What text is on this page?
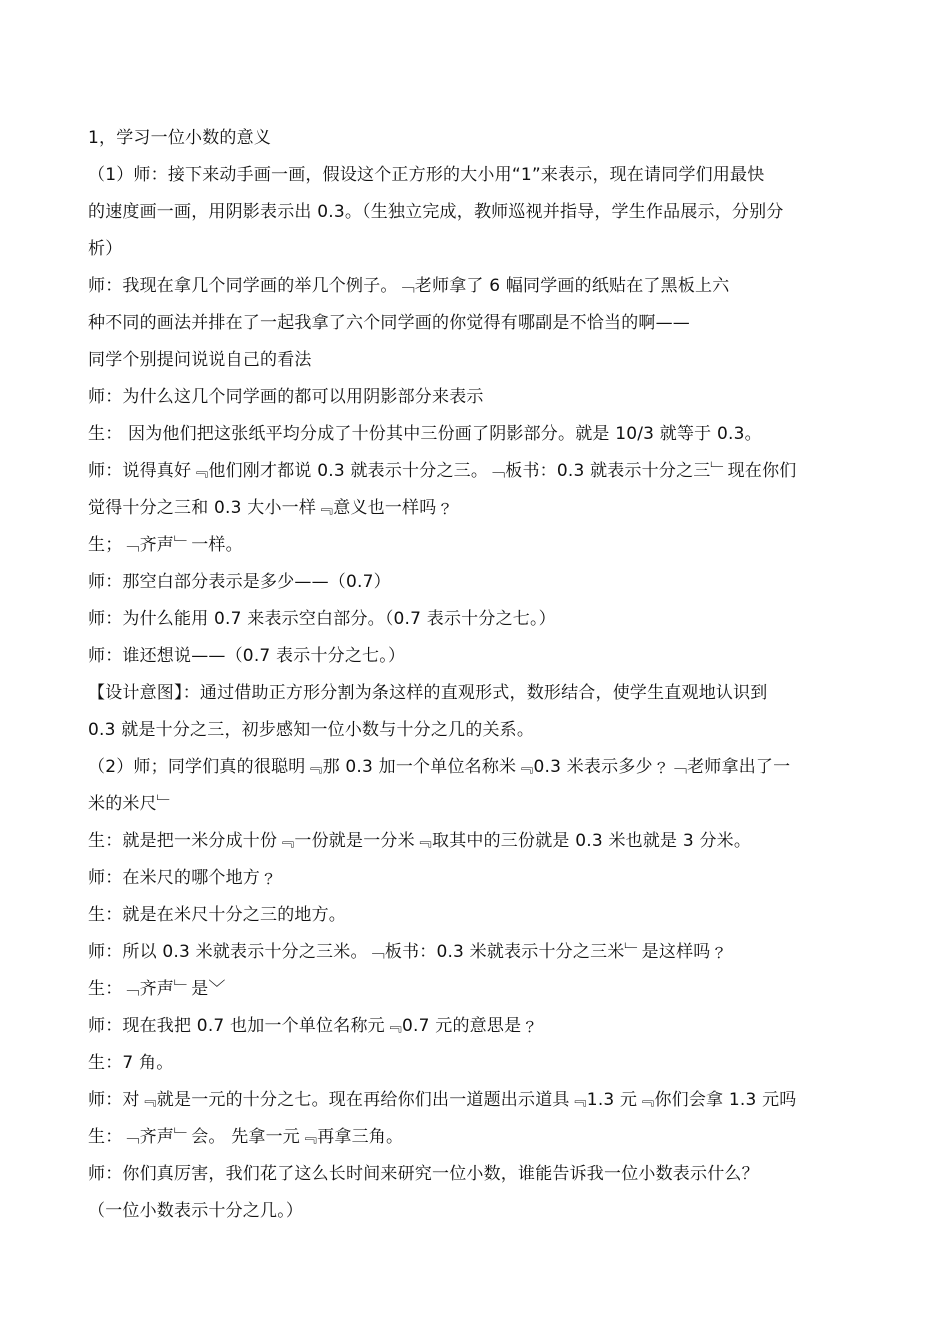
1，学习一位小数的意义
（1）师：接下来动手画一画，假设这个正方形的大小用“1”来表示，现在请同学们用最快
的速度画一画，用阴影表示出 0.3。（生独立完成，教师巡视并指导，学生作品展示，分别分
析）
师：我现在拿几个同学画的举几个例子。﹁老师拿了 6 幅同学画的纸贴在了黑板上六
种不同的画法并排在了一起我拿了六个同学画的你觉得有哪副是不恰当的啊——
同学个别提问说说自己的看法
师：为什么这几个同学画的都可以用阴影部分来表示
生： 因为他们把这张纸平均分成了十份其中三份画了阴影部分。就是 10/3 就等于 0.3。
师：说得真好﹃他们刚才都说 0.3 就表示十分之三。﹁板书：0.3 就表示十分之三﹂现在你们
觉得十分之三和 0.3 大小一样﹃意义也一样吗﹖
生；﹁齐声﹂一样。
师：那空白部分表示是多少——（0.7）
师：为什么能用 0.7 来表示空白部分。（0.7 表示十分之七。）
师：谁还想说——（0.7 表示十分之七。）
【设计意图】：通过借助正方形分割为条这样的直观形式，数形结合，使学生直观地认识到
0.3 就是十分之三，初步感知一位小数与十分之几的关系。
（2）师；同学们真的很聪明﹃那 0.3 加一个单位名称米﹃0.3 米表示多少﹖﹁老师拿出了一
米的米尺﹂
生：就是把一米分成十份﹃一份就是一分米﹃取其中的三份就是 0.3 米也就是 3 分米。
师：在米尺的哪个地方﹖
生：就是在米尺十分之三的地方。
师：所以 0.3 米就表示十分之三米。﹁板书：0.3 米就表示十分之三米﹂是这样吗﹖
生：﹁齐声﹂是﹀
师：现在我把 0.7 也加一个单位名称元﹃0.7 元的意思是﹖
生：7 角。
师：对﹃就是一元的十分之七。现在再给你们出一道题出示道具﹃1.3 元﹃你们会拿 1.3 元吗
生：﹁齐声﹂会。 先拿一元﹃再拿三角。
师：你们真厉害，我们花了这么长时间来研究一位小数，谁能告诉我一位小数表示什么？
（一位小数表示十分之几。）
